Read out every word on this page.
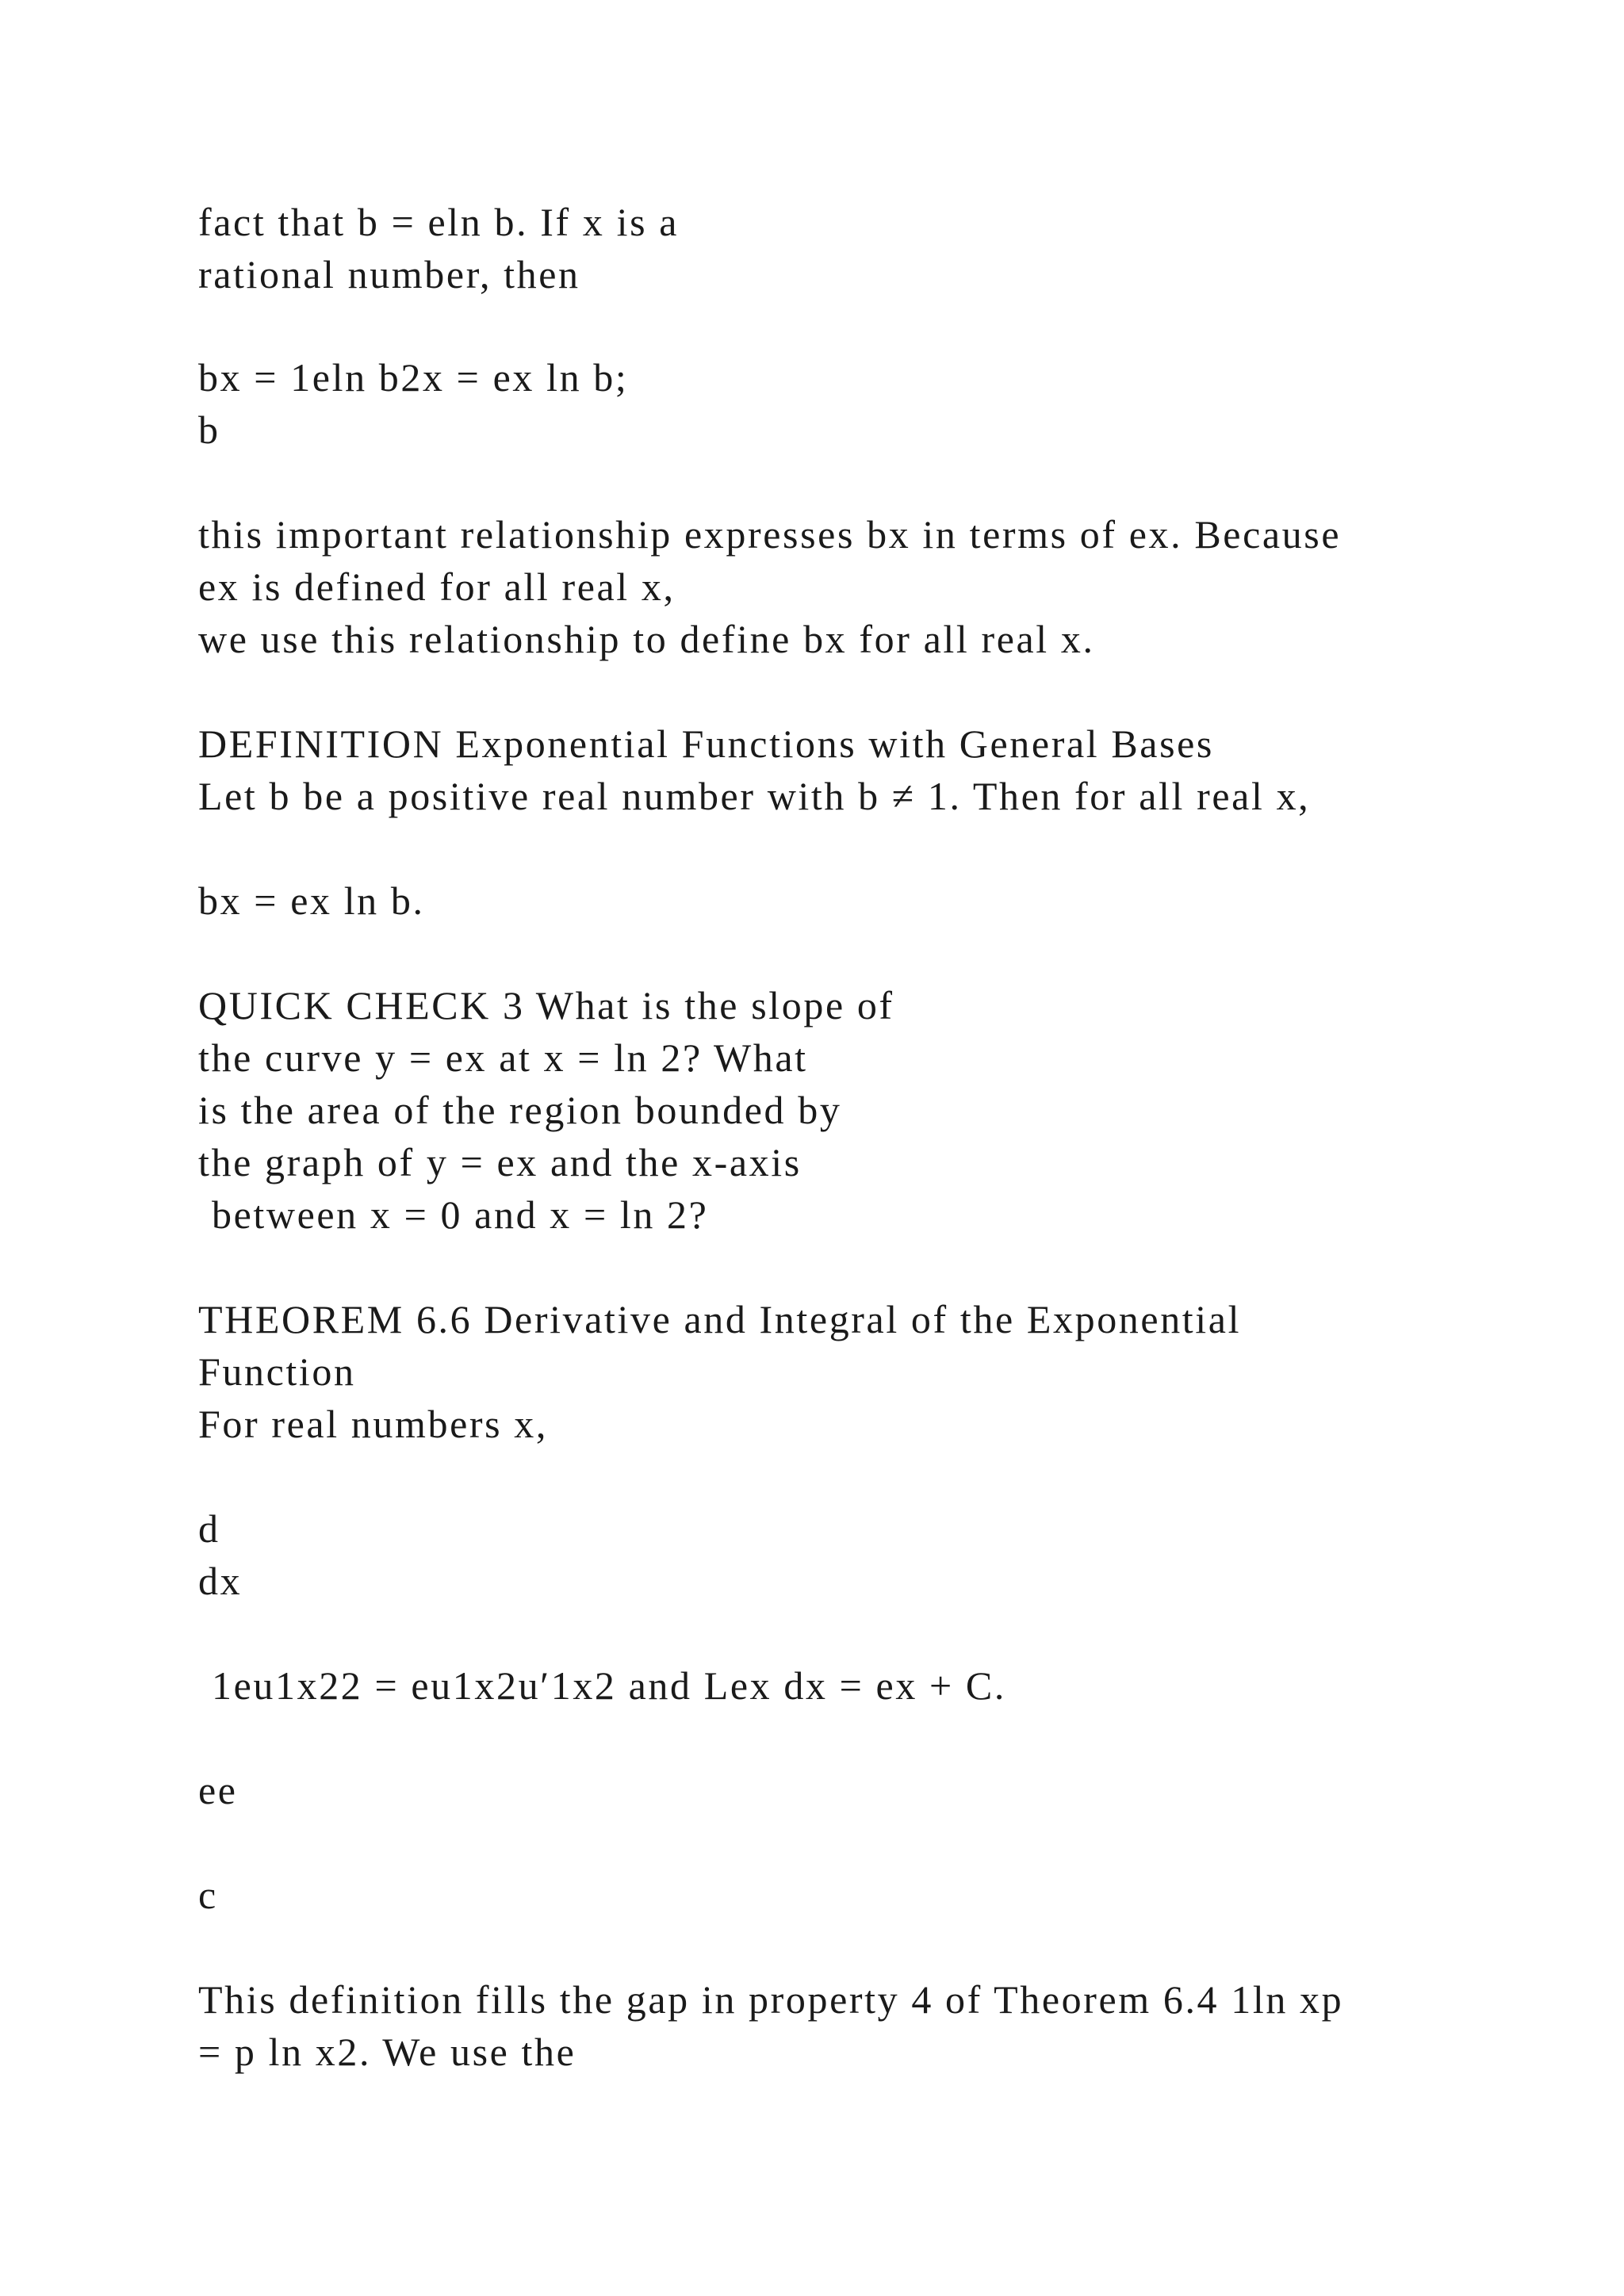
fact that b = eln b. If x is a
rational number, then
bx = 1eln b2x = ex ln b;
b
this important relationship expresses bx in terms of ex. Because
ex is defined for all real x,
we use this relationship to define bx for all real x.
DEFINITION Exponential Functions with General Bases
Let b be a positive real number with b ≠ 1. Then for all real x,
bx = ex ln b.
QUICK CHECK 3 What is the slope of
the curve y = ex at x = ln 2? What
is the area of the region bounded by
the graph of y = ex and the x-axis
between x = 0 and x = ln 2?
THEOREM 6.6 Derivative and Integral of the Exponential
Function
For real numbers x,
d
dx
1eu1x22 = eu1x2u′1x2 and Lex dx = ex + C.
ee
c
This definition fills the gap in property 4 of Theorem 6.4 1ln xp
= p ln x2. We use the
